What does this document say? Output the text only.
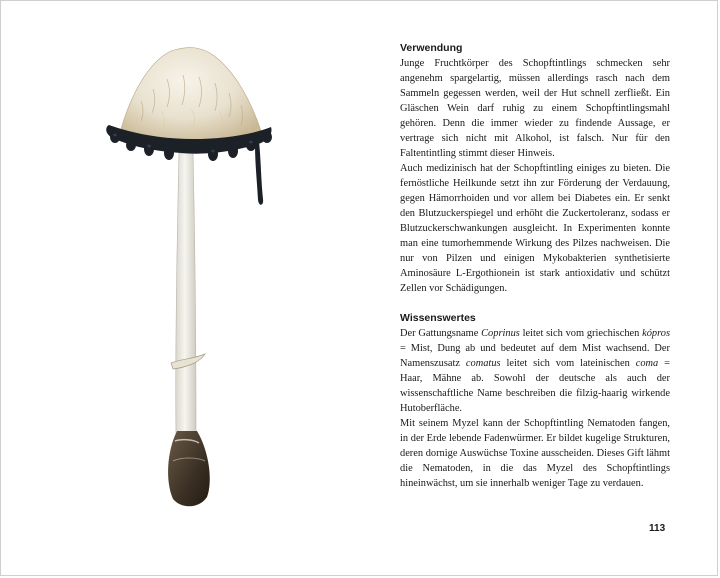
Verwendung

Junge Fruchtkörper des Schopftintlings schmecken sehr angenehm spargelartig, müssen allerdings rasch nach dem Sammeln gegessen werden, weil der Hut schnell zerfließt. Ein Gläschen Wein darf ruhig zu einem Schopftintlingsmahl gehören. Denn die immer wieder zu findende Aussage, er vertrage sich nicht mit Alkohol, ist falsch. Nur für den Faltentintling stimmt dieser Hinweis.

Auch medizinisch hat der Schopftintling einiges zu bieten. Die fernöstliche Heilkunde setzt ihn zur Förderung der Verdauung, gegen Hämorrhoiden und vor allem bei Diabetes ein. Er senkt den Blutzuckerspiegel und erhöht die Zuckertoleranz, sodass er Blutzuckerschwankungen ausgleicht. In Experimenten konnte man eine tumorhemmende Wirkung des Pilzes nachweisen. Die nur von Pilzen und einigen Mykobakterien synthetisierte Aminosäure L-Ergothionein ist stark antioxidativ und schützt Zellen vor Schädigungen.

Wissenswertes

Der Gattungsname Coprinus leitet sich vom griechischen kópros = Mist, Dung ab und bedeutet auf dem Mist wachsend. Der Namenszusatz comatus leitet sich vom lateinischen coma = Haar, Mähne ab. Sowohl der deutsche als auch der wissenschaftliche Name beschreiben die filzig-haarig wirkende Hutoberfläche.

Mit seinem Myzel kann der Schopftintling Nematoden fangen, in der Erde lebende Fadenwürmer. Er bildet kugelige Strukturen, deren dornige Auswüchse Toxine ausscheiden. Dieses Gift lähmt die Nematoden, in die das Myzel des Schopftintlings hineinwächst, um sie innerhalb weniger Tage zu verdauen.

113
